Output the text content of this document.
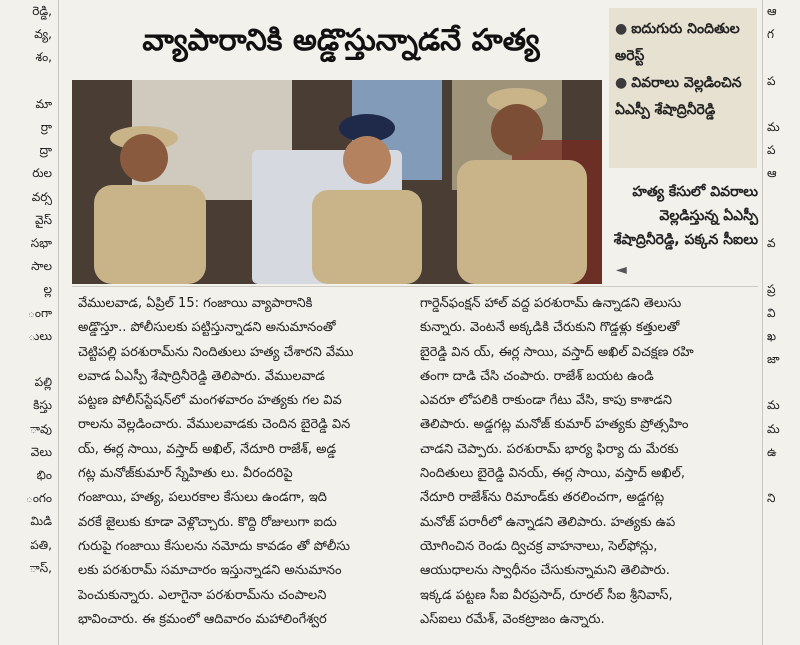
రెడ్డి,

వ్య,

శం,

మా

ర్రా

ద్రా

రుల

వర్స

వైస్

సభా

సాల

ల్ల

ంగా

ులు

పల్లి

కిస్తు

ావు

వెలు

భిం

ంగం

మిడి

పతి,

ాస్,

వ్యాపారానికి అడ్డొస్తున్నాడనే హత్య	● ఐదుగురు నిందితుల అరెస్ట్
● వివరాలు వెల్లడించిన ఏఎస్పీ శేషాద్రినీరెడ్డి
హత్య కేసులో వివరాలు వెల్లడిస్తున్న ఏఎస్పీ శేషాద్రినీరెడ్డి, పక్కన సీఐలు
◄

వేములవాడ, ఏప్రిల్ 15: గంజాయి వ్యాపారానికి

అడ్డొస్తూ.. పోలీసులకు పట్టిస్తున్నాడని అనుమానంతో

చెట్టిపల్లి పరశురామ్‌ను నిందితులు హత్య చేశారని వేము

లవాడ ఏఎస్పీ శేషాద్రినీరెడ్డి తెలిపారు. వేములవాడ

పట్టణ పోలీస్‌స్టేషన్‌లో మంగళవారం హత్యకు గల వివ

రాలను వెల్లడించారు. వేములవాడకు చెందిన బైరెడ్డి విన

య్, ఈర్ల సాయి, వస్తాద్ అఖిల్, నేదూరి రాజేశ్, అడ్డ

గట్ల మనోజ్‌కుమార్ స్నేహితు లు. వీరందరిపై

గంజాయి, హత్య, పలురకాల కేసులు ఉండగా, ఇది

వరకే జైలుకు కూడా వెళ్లొచ్చారు. కొద్ది రోజులుగా ఐదు

గురుపై గంజాయి కేసులను నమోదు కావడం తో పోలీసు

లకు పరశురామ్ సమాచారం ఇస్తున్నాడని అనుమానం

పెంచుకున్నారు. ఎలాగైనా పరశురామ్‌ను చంపాలని

భావించారు. ఈ క్రమంలో ఆదివారం మహాలింగేశ్వర

గార్డెన్‌ఫంక్షన్ హాల్ వద్ద పరశురామ్ ఉన్నాడని తెలుసు

కున్నారు. వెంటనే అక్కడికి చేరుకుని గొడ్డళ్లు కత్తులతో

బైరెడ్డి విన య్, ఈర్ల సాయి, వస్తాద్ అఖిల్ విచక్షణ రహి

తంగా దాడి చేసి చంపారు. రాజేశ్ బయట ఉండి

ఎవరూ లోపలికి రాకుండా గేటు వేసి, కాపు కాశాడని

తెలిపారు. అడ్డగట్ల మనోజ్ కుమార్ హత్యకు ప్రోత్సహిం

చాడని చెప్పారు. పరశురామ్ భార్య ఫిర్యా దు మేరకు

నిందితులు బైరెడ్డి వినయ్, ఈర్ల సాయి, వస్తాద్ అఖిల్,

నేదూరి రాజేశ్‌ను రిమాండ్‌కు తరలించగా, అడ్డగట్ల

మనోజ్ పరారీలో ఉన్నాడని తెలిపారు. హత్యకు ఉప

యోగించిన రెండు ద్విచక్ర వాహనాలు, సెల్‌ఫోన్లు,

ఆయుధాలను స్వాధీనం చేసుకున్నామని తెలిపారు.

ఇక్కడ పట్టణ సీఐ వీరప్రసాద్, రూరల్ సీఐ శ్రీనివాస్,

ఎస్ఐలు రమేశ్, వెంకట్రాజం ఉన్నారు.

ఆ

గ

ప

మ

ప

ఆ

వ

ప్ర

వి

ఖ

జా

మ

మ

ఉ

ని
